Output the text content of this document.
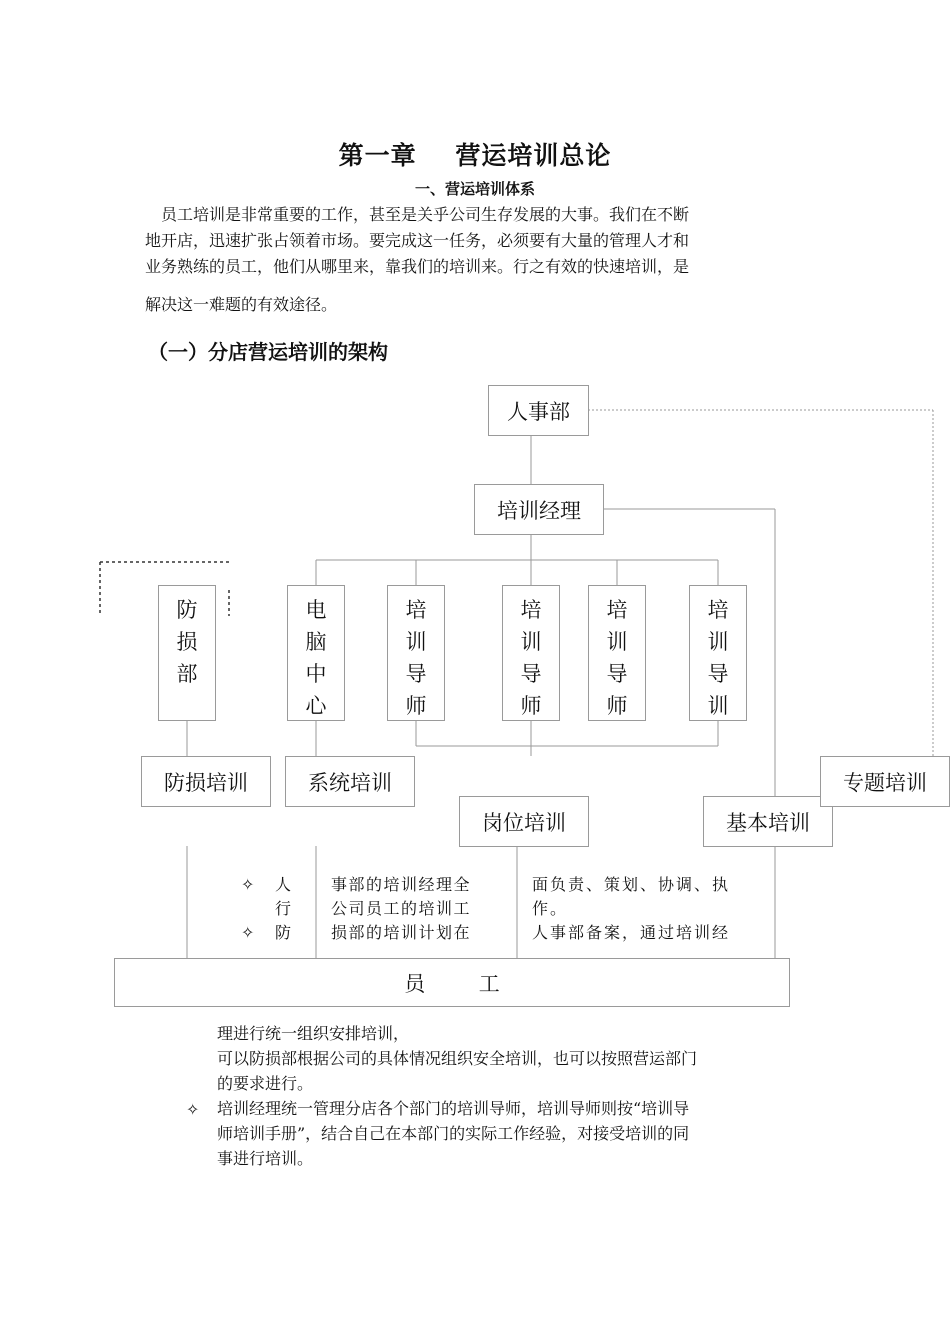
第一章    营运培训总论
一、营运培训体系
员工培训是非常重要的工作，甚至是关乎公司生存发展的大事。我们在不断
地开店，迅速扩张占领着市场。要完成这一任务，必须要有大量的管理人才和
业务熟练的员工，他们从哪里来，靠我们的培训来。行之有效的快速培训，是
解决这一难题的有效途径。
（一）分店营运培训的架构
人事部
培训经理
防
损
部
电
脑
中
心
培
训
导
师
培
训
导
师
培
训
导
师
培
训
导
训
防损培训	系统培训
岗位培训	基本培训
专题培训
✧
✧
人
行
防
事部的培训经理全
公司员工的培训工
损部的培训计划在
面负责、策划、协调、执
作。
人事部备案，通过培训经
员        工
理进行统一组织安排培训，
可以防损部根据公司的具体情况组织安全培训，也可以按照营运部门
的要求进行。
✧ 培训经理统一管理分店各个部门的培训导师，培训导师则按“培训导
师培训手册”，结合自己在本部门的实际工作经验，对接受培训的同
事进行培训。
